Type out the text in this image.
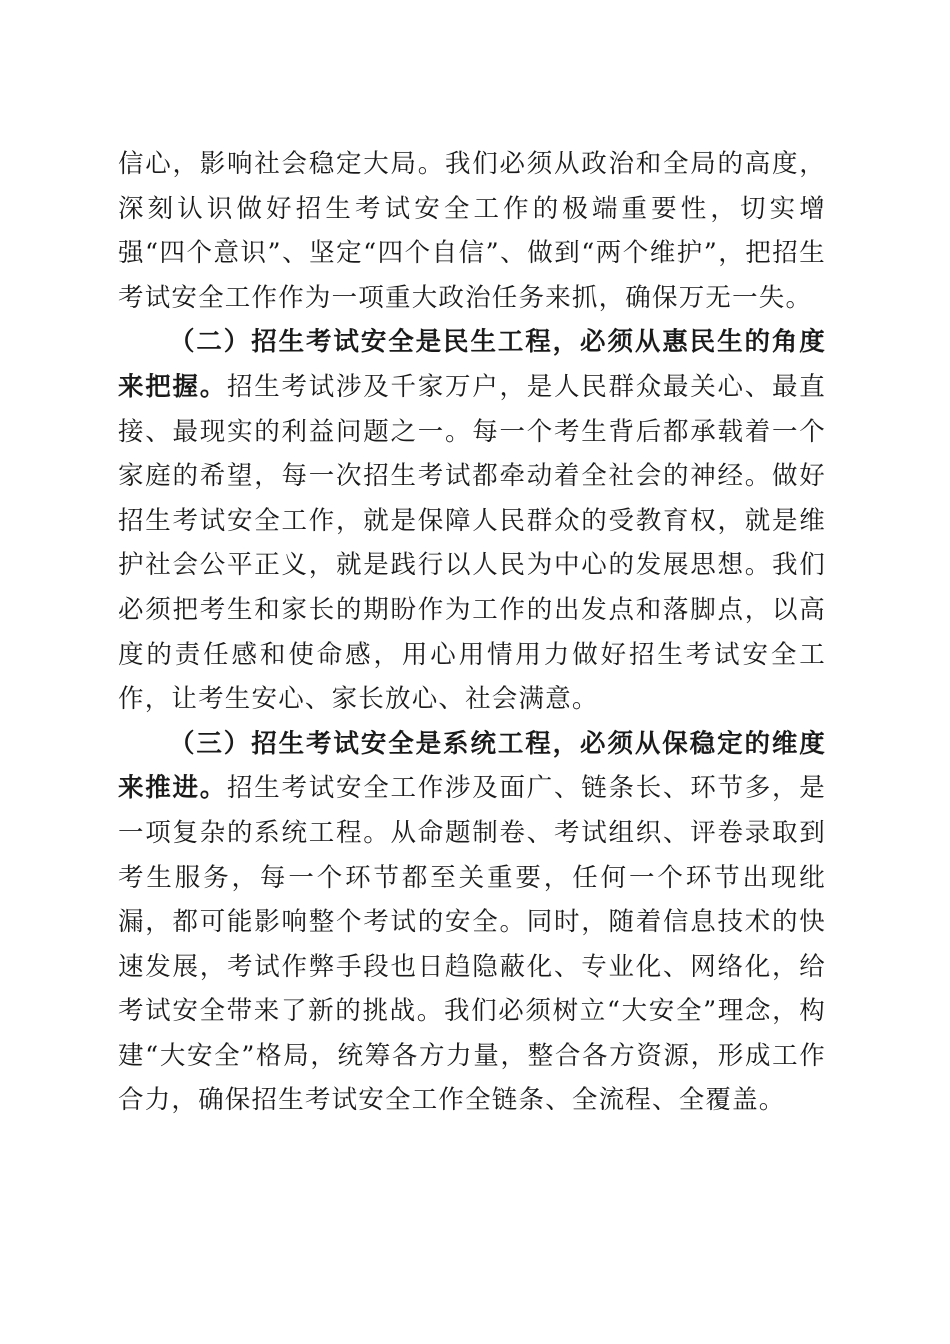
信心，影响社会稳定大局。我们必须从政治和全局的高度，深刻认识做好招生考试安全工作的极端重要性，切实增强“四个意识”、坚定“四个自信”、做到“两个维护”，把招生考试安全工作作为一项重大政治任务来抓，确保万无一失。

（二）招生考试安全是民生工程，必须从惠民生的角度来把握。招生考试涉及千家万户，是人民群众最关心、最直接、最现实的利益问题之一。每一个考生背后都承载着一个家庭的希望，每一次招生考试都牵动着全社会的神经。做好招生考试安全工作，就是保障人民群众的受教育权，就是维护社会公平正义，就是践行以人民为中心的发展思想。我们必须把考生和家长的期盼作为工作的出发点和落脚点，以高度的责任感和使命感，用心用情用力做好招生考试安全工作，让考生安心、家长放心、社会满意。

（三）招生考试安全是系统工程，必须从保稳定的维度来推进。招生考试安全工作涉及面广、链条长、环节多，是一项复杂的系统工程。从命题制卷、考试组织、评卷录取到考生服务，每一个环节都至关重要，任何一个环节出现纰漏，都可能影响整个考试的安全。同时，随着信息技术的快速发展，考试作弊手段也日趋隐蔽化、专业化、网络化，给考试安全带来了新的挑战。我们必须树立“大安全”理念，构建“大安全”格局，统筹各方力量，整合各方资源，形成工作合力，确保招生考试安全工作全链条、全流程、全覆盖。
